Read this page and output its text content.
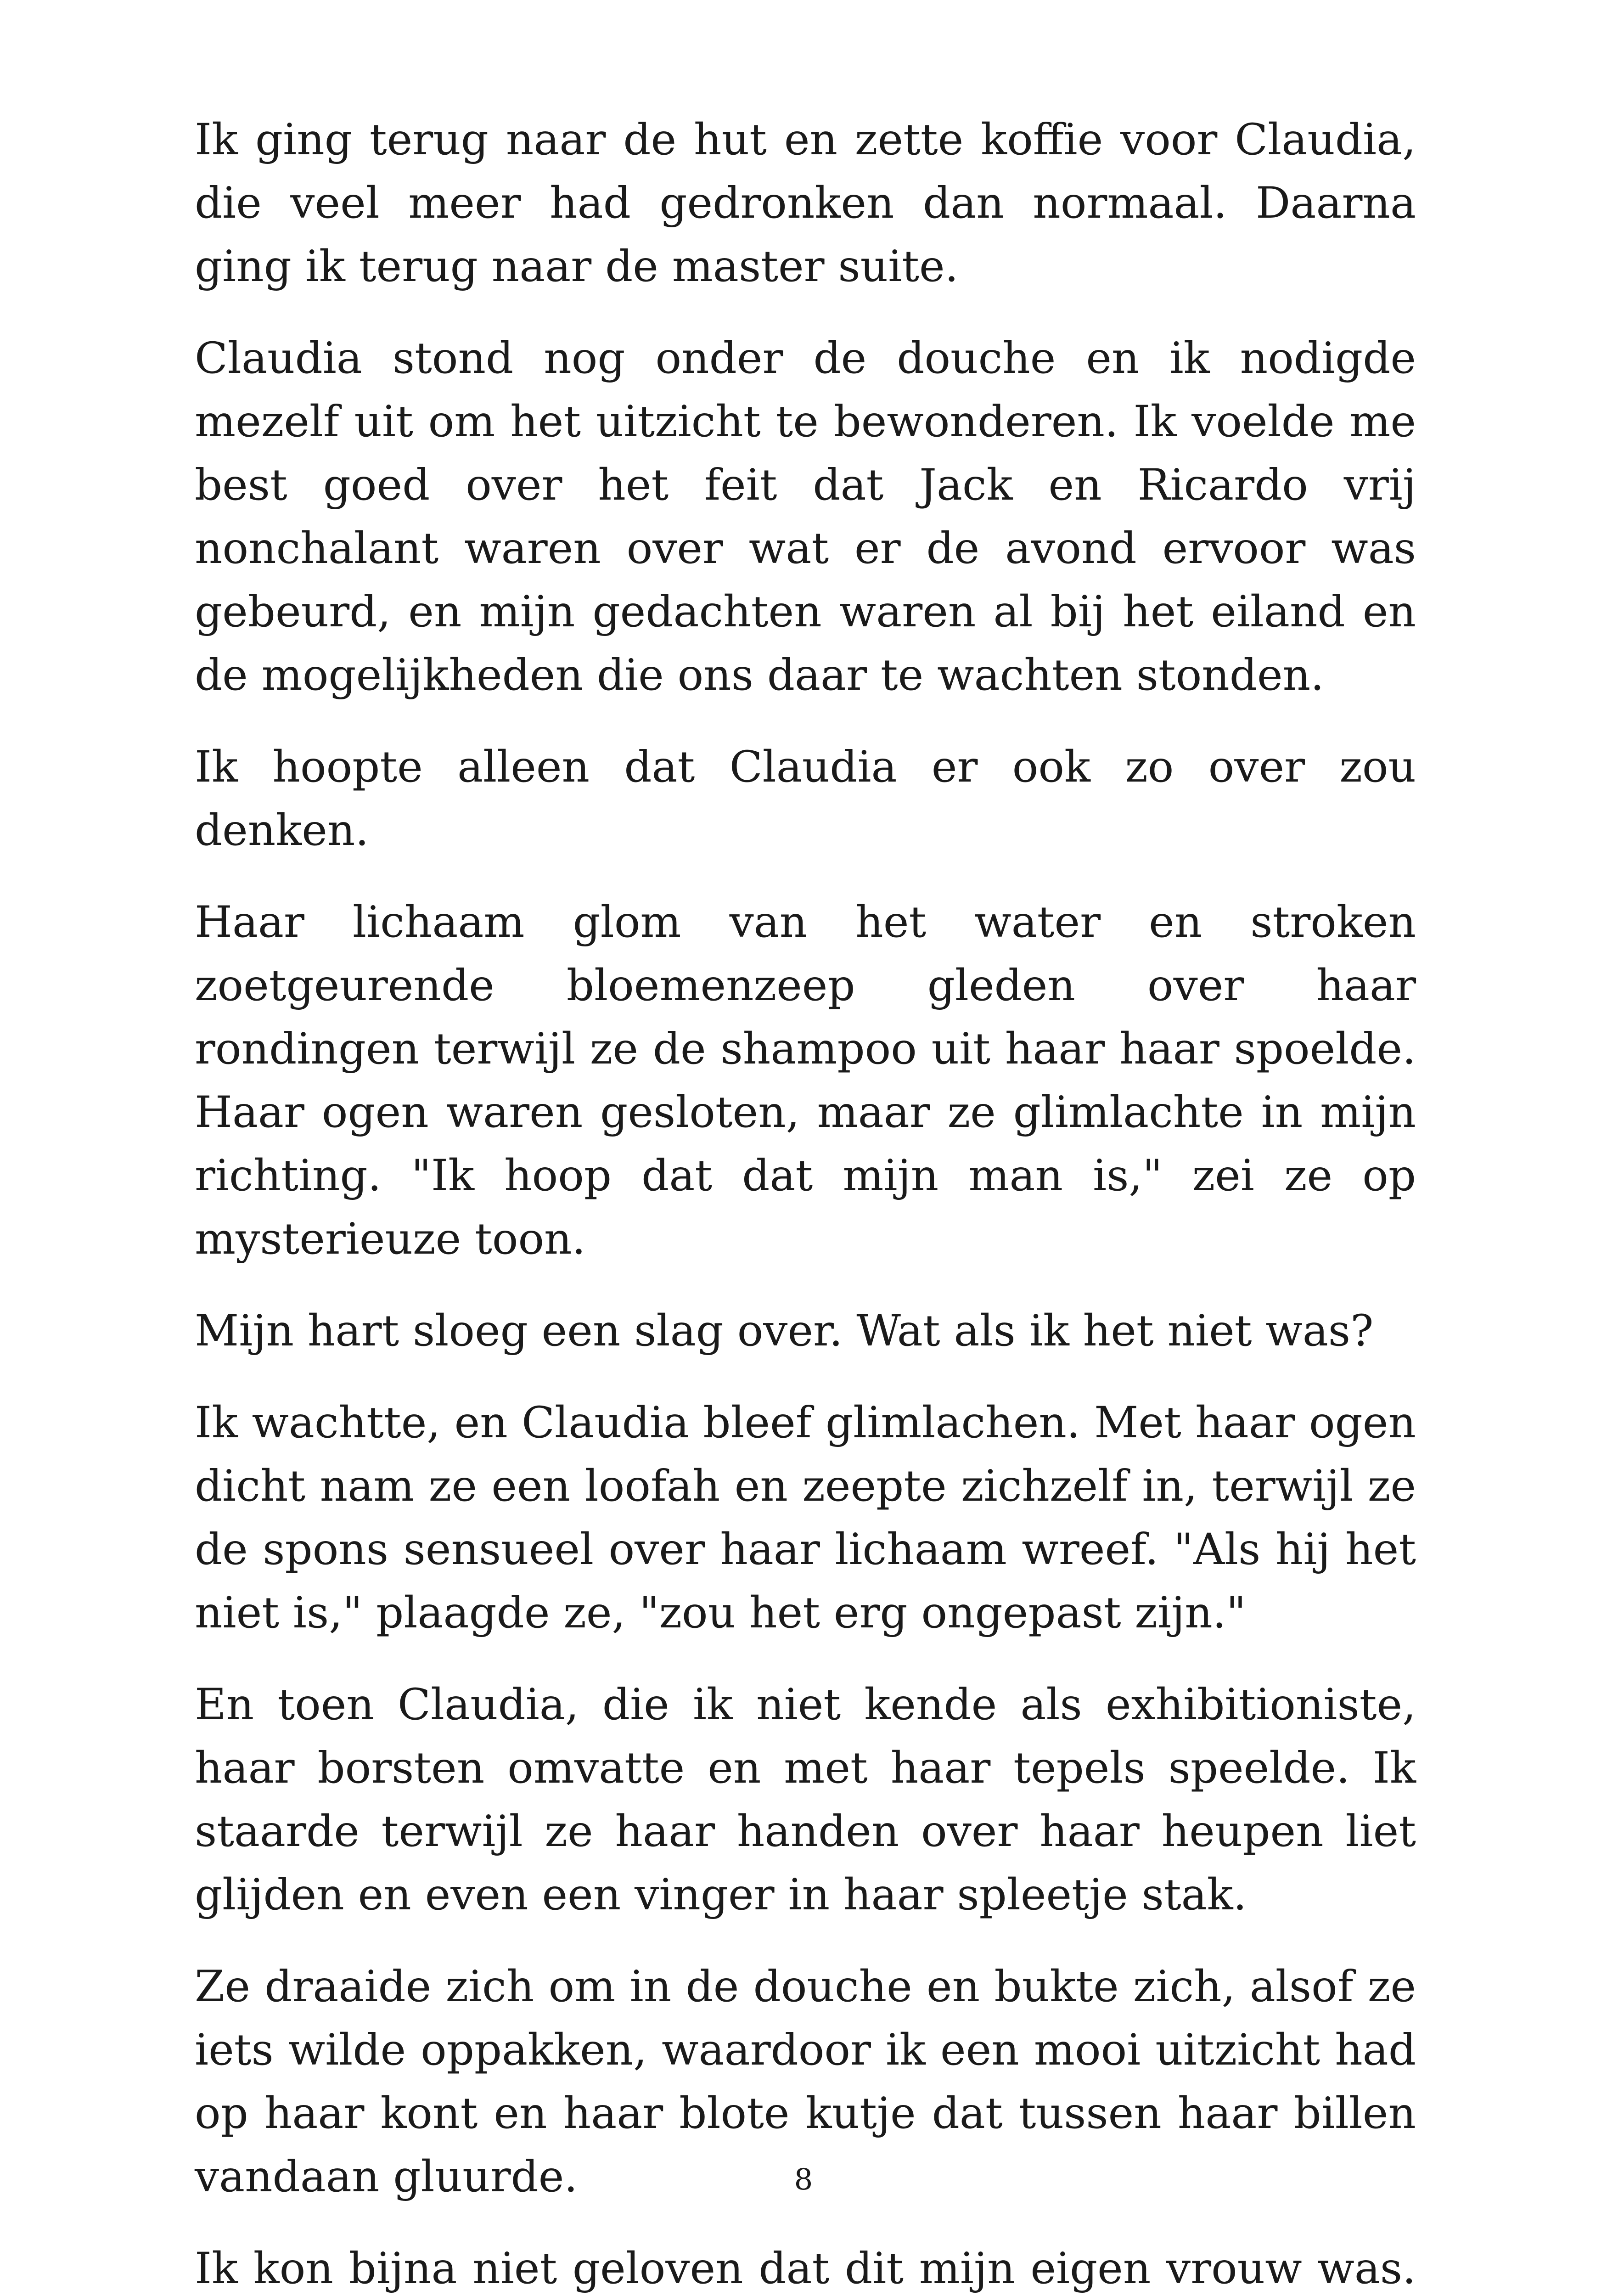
Ik ging terug naar de hut en zette koffie voor Claudia, die veel meer had gedronken dan normaal. Daarna ging ik terug naar de master suite.

Claudia stond nog onder de douche en ik nodigde mezelf uit om het uitzicht te bewonderen. Ik voelde me best goed over het feit dat Jack en Ricardo vrij nonchalant waren over wat er de avond ervoor was gebeurd, en mijn gedachten waren al bij het eiland en de mogelijkheden die ons daar te wachten stonden.

Ik hoopte alleen dat Claudia er ook zo over zou denken.

Haar lichaam glom van het water en stroken zoetgeurende bloemenzeep gleden over haar rondingen terwijl ze de shampoo uit haar haar spoelde. Haar ogen waren gesloten, maar ze glimlachte in mijn richting. "Ik hoop dat dat mijn man is," zei ze op mysterieuze toon.

Mijn hart sloeg een slag over. Wat als ik het niet was?

Ik wachtte, en Claudia bleef glimlachen. Met haar ogen dicht nam ze een loofah en zeepte zichzelf in, terwijl ze de spons sensueel over haar lichaam wreef. "Als hij het niet is," plaagde ze, "zou het erg ongepast zijn."

En toen Claudia, die ik niet kende als exhibitioniste, haar borsten omvatte en met haar tepels speelde. Ik staarde terwijl ze haar handen over haar heupen liet glijden en even een vinger in haar spleetje stak.

Ze draaide zich om in de douche en bukte zich, alsof ze iets wilde oppakken, waardoor ik een mooi uitzicht had op haar kont en haar blote kutje dat tussen haar billen vandaan gluurde.

Ik kon bijna niet geloven dat dit mijn eigen vrouw was.

8
